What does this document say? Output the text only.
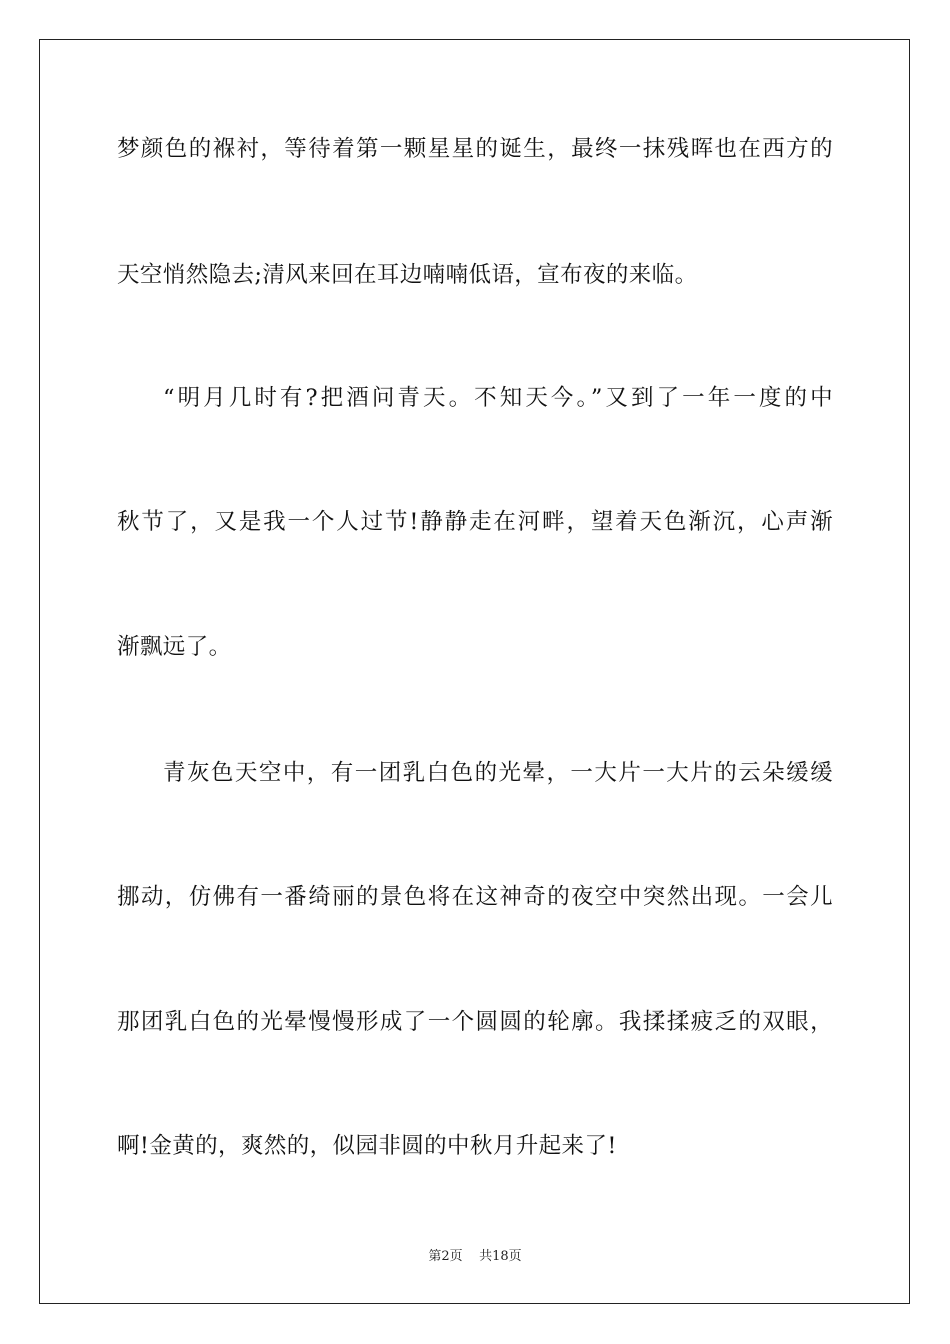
梦颜色的褓衬，等待着第一颗星星的诞生，最终一抹残晖也在西方的
天空悄然隐去;清风来回在耳边喃喃低语，宣布夜的来临。
“明月几时有?把酒问青天。不知天今。”又到了一年一度的中
秋节了，又是我一个人过节!静静走在河畔，望着天色渐沉，心声渐
渐飘远了。
青灰色天空中，有一团乳白色的光晕，一大片一大片的云朵缓缓
挪动，仿佛有一番绮丽的景色将在这神奇的夜空中突然出现。一会儿
那团乳白色的光晕慢慢形成了一个圆圆的轮廓。我揉揉疲乏的双眼，
啊!金黄的，爽然的，似园非圆的中秋月升起来了!
第2页 共18页
